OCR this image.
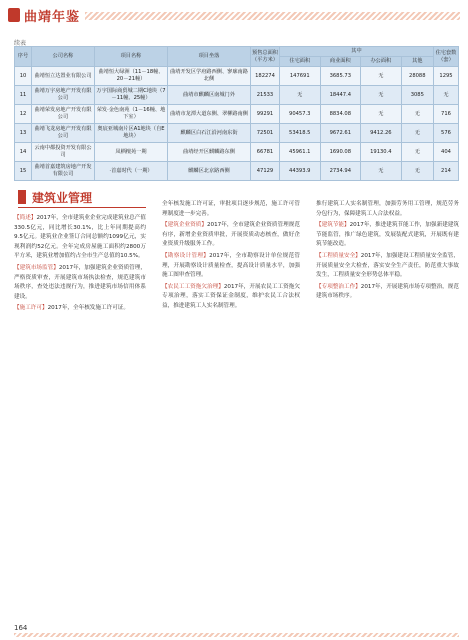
曲靖年鉴
续表
序号	公司名称	项目名称	项目坐落	预售总面积（平方米）	其中				住宅套数（套）
					住宅面积	商业面积	办公面积	其他	
10	曲靖恒立达置业有限公司	曲靖恒大绿洲（11－18幢、20－21幢）	曲靖开发区学府路西侧、寥廓南路北侧	182274	147691	3685.73	无	28088	1295
11	曲靖万宇房地产开发有限公司	万宇国际商贸城二期C地块（7－11幢、25幢）	曲靖市麒麟区南城门外	21533	无	18447.4	无	3085	无
12	曲靖荣发房地产开发有限公司	荣发·金色南苑（1－16幢、地下室）	曲靖市龙潭大道东侧、翠柳路南侧	99291	90457.3	8834.08	无	无	716
13	曲靖飞龙房地产开发有限公司	奥宸亚城南片区A1地块（自E地块）	麒麟区白石江沿河南东街	72501	53418.5	9672.61	9412.26	无	576
14	云南中都投资开发有限公司	凤栖檀苑一期	曲靖经开区麒麟路东侧	66781	45961.1	1690.08	19130.4	无	404
15	曲靖首嘉建筑房地产开发有限公司	·首嘉时代（一期）	麒麟区北京路西侧	47129	44393.9	2734.94	无	无	214
建筑业管理

【简述】2017年，全市建筑业企业完成建筑业总产值330.5亿元，同比增长30.1%，比上年同期提高约9.5亿元。建筑业企业签订合同总额约1099亿元，实现利润约52亿元。全年完成房屋施工面积约2800万平方米，建筑业增加值约占全市生产总值的10.5%。

【建筑市场监管】2017年，加强建筑企业资质管理，严格资质审查，开展建筑市场执法检查，规范建筑市场秩序，查处违法违规行为，推进建筑市场信用体系建设。

【施工许可】2017年，全年核发施工许可证。

全年核发施工许可证，审批项目逐步规范，施工许可管理制度进一步完善。

【建筑企业资质】2017年，全市建筑企业资质管理规范有序，新增企业资质审批，开展资质动态核查，做好企业资质升级服务工作。

【勘察设计管理】2017年，全市勘察设计单位规范管理，开展勘察设计质量检查，提高设计质量水平，加强施工图审查管理。

【农民工工资拖欠治理】2017年，开展农民工工资拖欠专项治理，落实工资保证金制度，维护农民工合法权益，推进建筑工人实名制管理。

推行建筑工人实名制管理，加强劳务用工管理，规范劳务分包行为，保障建筑工人合法权益。

【建筑节能】2017年，推进建筑节能工作，加强新建建筑节能监管，推广绿色建筑，发展装配式建筑，开展既有建筑节能改造。

【工程质量安全】2017年，加强建设工程质量安全监管，开展质量安全大检查，落实安全生产责任，防范重大事故发生，工程质量安全形势总体平稳。

【专项整治工作】2017年，开展建筑市场专项整治，规范建筑市场秩序。

164
